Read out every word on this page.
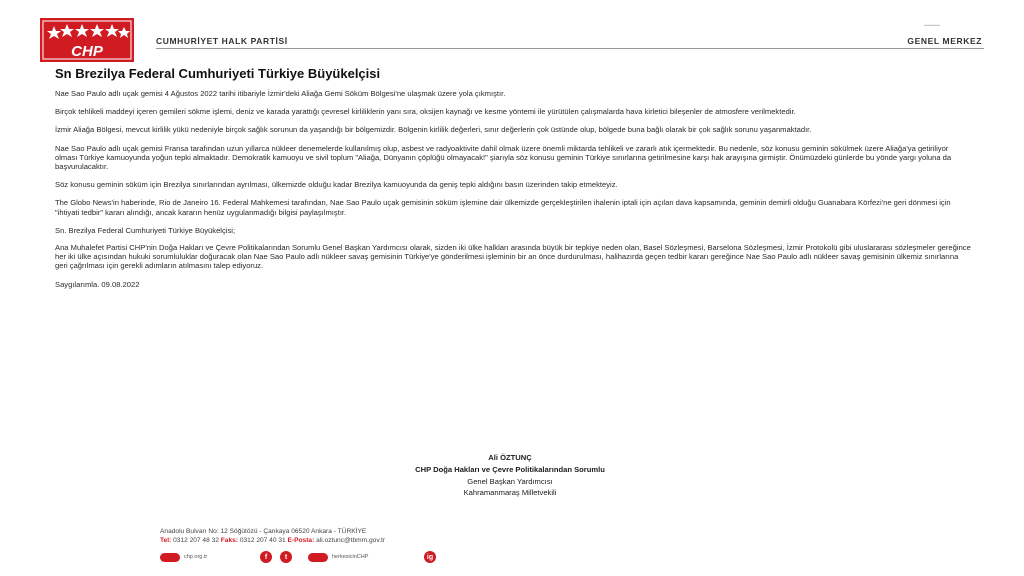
CHP
CUMHURİYET HALK PARTİSİ
▬▬▬▬
GENEL MERKEZ
Sn Brezilya Federal Cumhuriyeti Türkiye Büyükelçisi

Nae Sao Paulo adlı uçak gemisi 4 Ağustos 2022 tarihi itibariyle İzmir'deki Aliağa Gemi Söküm Bölgesi'ne ulaşmak üzere yola çıkmıştır.

Birçok tehlikeli maddeyi içeren gemileri sökme işlemi, deniz ve karada yarattığı çevresel kirliliklerin yanı sıra, oksijen kaynağı ve kesme yöntemi ile yürütülen çalışmalarda hava kirletici bileşenler de atmosfere verilmektedir.

İzmir Aliağa Bölgesi, mevcut kirlilik yükü nedeniyle birçok sağlık sorunun da yaşandığı bir bölgemizdir. Bölgenin kirlilik değerleri, sınır değerlerin çok üstünde olup, bölgede buna bağlı olarak bir çok sağlık sorunu yaşanmaktadır.

Nae Sao Paulo adlı uçak gemisi Fransa tarafından uzun yıllarca nükleer denemelerde kullanılmış olup, asbest ve radyoaktivite dahil olmak üzere önemli miktarda tehlikeli ve zararlı atık içermektedir. Bu nedenle, söz konusu geminin sökülmek üzere Aliağa'ya getiriliyor olması Türkiye kamuoyunda yoğun tepki almaktadır. Demokratik kamuoyu ve sivil toplum "Aliağa, Dünyanın çöplüğü olmayacak!" şiarıyla söz konusu geminin Türkiye sınırlarına getirilmesine karşı hak arayışına girmiştir. Önümüzdeki günlerde bu yönde yargı yoluna da başvurulacaktır.

Söz konusu geminin söküm için Brezilya sınırlarından ayrılması, ülkemizde olduğu kadar Brezilya kamuoyunda da geniş tepki aldığını basın üzerinden takip etmekteyiz.

The Globo News'in haberinde, Rio de Janeiro 16. Federal Mahkemesi tarafından, Nae Sao Paulo uçak gemisinin söküm işlemine dair ülkemizde gerçekleştirilen ihalenin iptali için açılan dava kapsamında, geminin demirli olduğu Guanabara Körfezi'ne geri dönmesi için "ihtiyati tedbir" kararı alındığı, ancak kararın henüz uygulanmadığı bilgisi paylaşılmıştır.

Sn. Brezilya Federal Cumhuriyeti Türkiye Büyükelçisi;

Ana Muhalefet Partisi CHP'nin Doğa Hakları ve Çevre Politikalarından Sorumlu Genel Başkan Yardımcısı olarak, sizden iki ülke halkları arasında büyük bir tepkiye neden olan, Basel Sözleşmesi, Barselona Sözleşmesi, İzmir Protokolü gibi uluslararası sözleşmeler gereğince her iki ülke açısından hukuki sorumluluklar doğuracak olan Nae Sao Paulo adlı nükleer savaş gemisinin Türkiye'ye gönderilmesi işleminin bir an önce durdurulması, halihazırda geçen tedbir kararı gereğince Nae Sao Paulo adlı nükleer savaş gemisinin ülkemiz sınırlarına geri çağrılması için gerekli adımların atılmasını talep ediyoruz.

Saygılarımla. 09.08.2022

Ali ÖZTUNÇ
CHP Doğa Hakları ve Çevre Politikalarından Sorumlu
Genel Başkan Yardımcısı
Kahramanmaraş Milletvekili
Anadolu Bulvarı No: 12 Söğütözü - Çankaya 06520 Ankara - TÜRKİYE
Tel: 0312 207 48 32 Faks: 0312 207 40 31 E-Posta: ali.oztunc@tbmm.gov.tr
chp.org.tr	f	t	herkesicinCHP	ig
